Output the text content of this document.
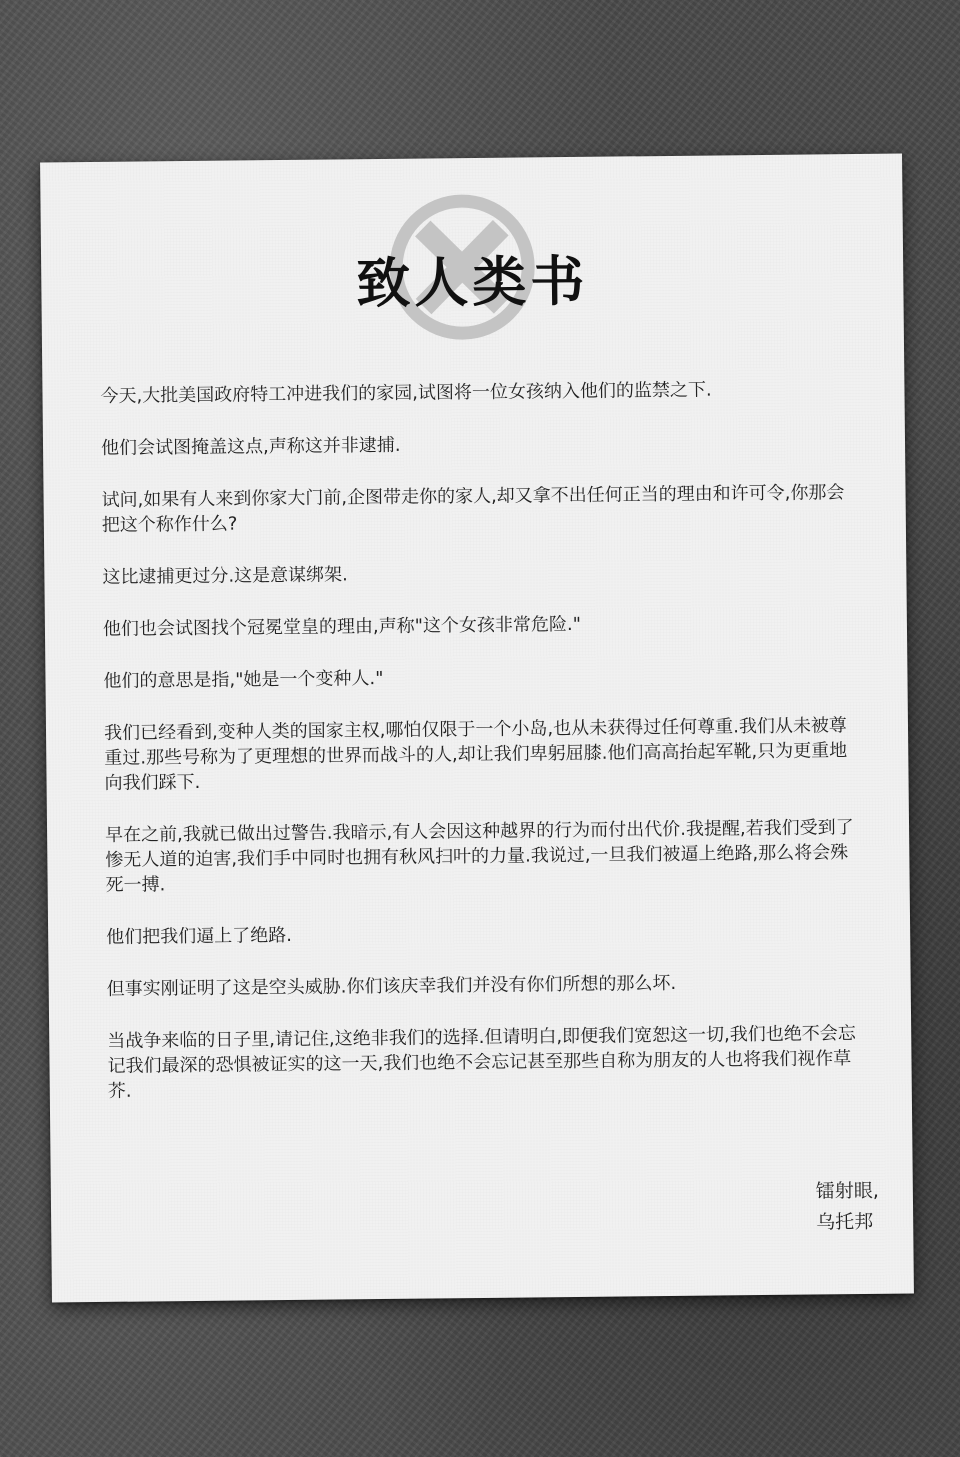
致人类书

今天,大批美国政府特工冲进我们的家园,试图将一位女孩纳入他们的监禁之下.

他们会试图掩盖这点,声称这并非逮捕.

试问,如果有人来到你家大门前,企图带走你的家人,却又拿不出任何正当的理由和许可令,你那会把这个称作什么?

这比逮捕更过分.这是意谋绑架.

他们也会试图找个冠冕堂皇的理由,声称"这个女孩非常危险."

他们的意思是指,"她是一个变种人."

我们已经看到,变种人类的国家主权,哪怕仅限于一个小岛,也从未获得过任何尊重.我们从未被尊重过.那些号称为了更理想的世界而战斗的人,却让我们卑躬屈膝.他们高高抬起军靴,只为更重地向我们踩下.

早在之前,我就已做出过警告.我暗示,有人会因这种越界的行为而付出代价.我提醒,若我们受到了惨无人道的迫害,我们手中同时也拥有秋风扫叶的力量.我说过,一旦我们被逼上绝路,那么将会殊死一搏.

他们把我们逼上了绝路.

但事实刚证明了这是空头威胁.你们该庆幸我们并没有你们所想的那么坏.

当战争来临的日子里,请记住,这绝非我们的选择.但请明白,即便我们宽恕这一切,我们也绝不会忘记我们最深的恐惧被证实的这一天,我们也绝不会忘记甚至那些自称为朋友的人也将我们视作草芥.

镭射眼,
乌托邦
